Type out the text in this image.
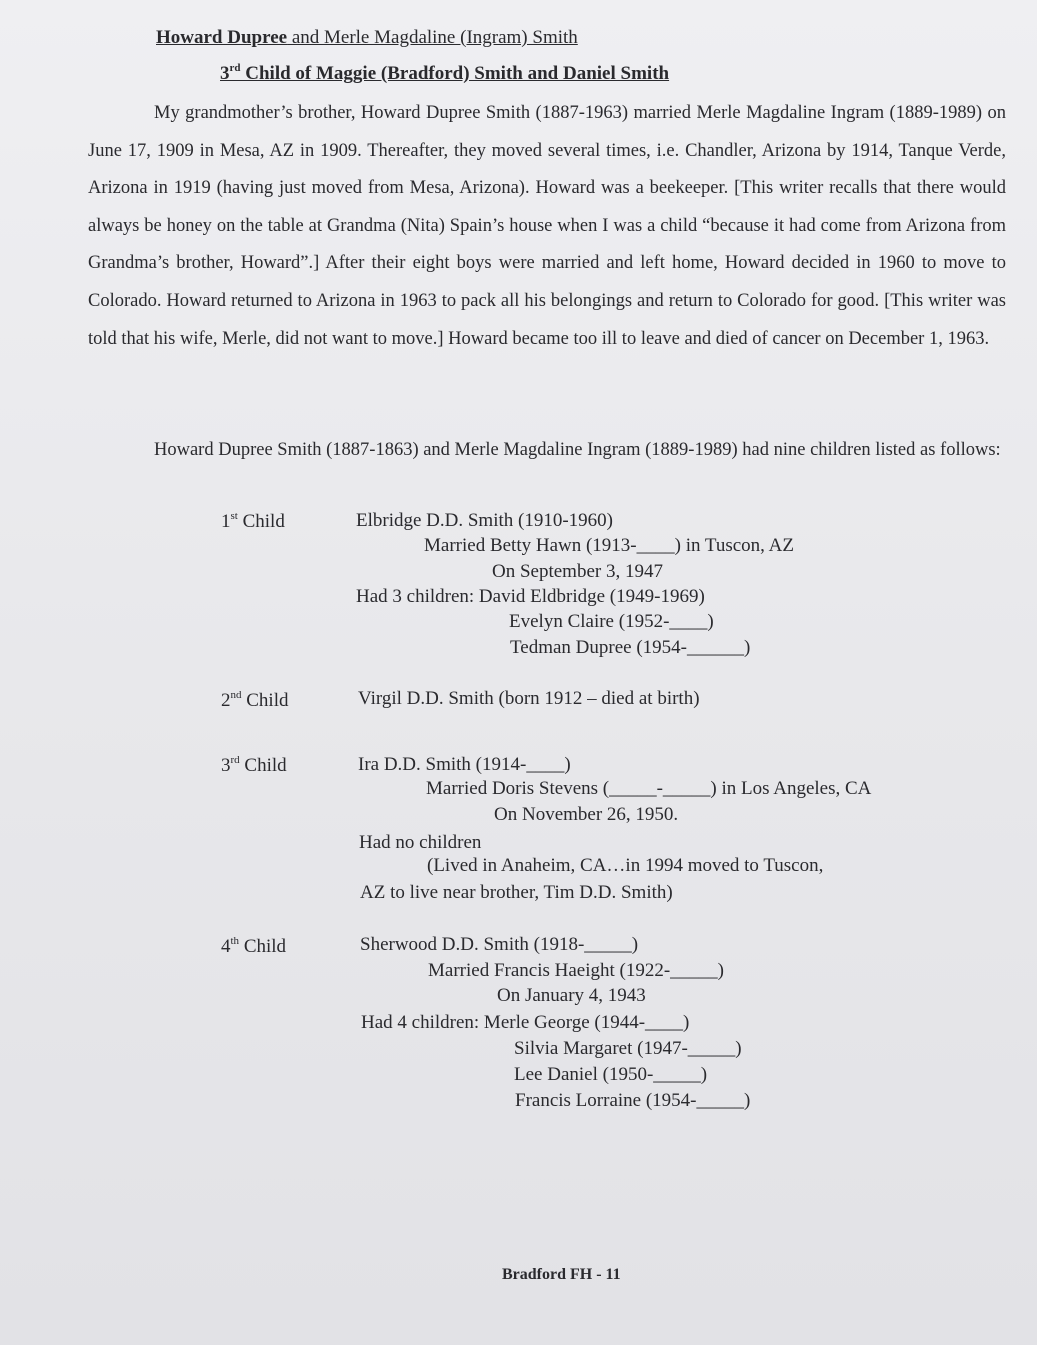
Howard Dupree and Merle Magdaline (Ingram) Smith
3rd Child of Maggie (Bradford) Smith and Daniel Smith
My grandmother’s brother, Howard Dupree Smith (1887-1963) married Merle Magdaline Ingram (1889-1989) on June 17, 1909 in Mesa, AZ in 1909. Thereafter, they moved several times, i.e. Chandler, Arizona by 1914, Tanque Verde, Arizona in 1919 (having just moved from Mesa, Arizona). Howard was a beekeeper. [This writer recalls that there would always be honey on the table at Grandma (Nita) Spain’s house when I was a child “because it had come from Arizona from Grandma’s brother, Howard”.] After their eight boys were married and left home, Howard decided in 1960 to move to Colorado. Howard returned to Arizona in 1963 to pack all his belongings and return to Colorado for good. [This writer was told that his wife, Merle, did not want to move.] Howard became too ill to leave and died of cancer on December 1, 1963.
Howard Dupree Smith (1887-1863) and Merle Magdaline Ingram (1889-1989) had nine children listed as follows:
1st Child	Elbridge D.D. Smith (1910-1960)
Married Betty Hawn (1913-____) in Tuscon, AZ
On September 3, 1947
Had 3 children: David Eldbridge (1949-1969)
Evelyn Claire (1952-____)
Tedman Dupree (1954-______)
2nd Child	Virgil D.D. Smith (born 1912 – died at birth)
3rd Child	Ira D.D. Smith (1914-____)
Married Doris Stevens (_____-_____) in Los Angeles, CA
On November 26, 1950.
Had no children
(Lived in Anaheim, CA…in 1994 moved to Tuscon,
AZ to live near brother, Tim D.D. Smith)
4th Child	Sherwood D.D. Smith (1918-_____)
Married Francis Haeight (1922-_____)
On January 4, 1943
Had 4 children: Merle George (1944-____)
Silvia Margaret (1947-_____)
Lee Daniel (1950-_____)
Francis Lorraine (1954-_____)
Bradford FH - 11
